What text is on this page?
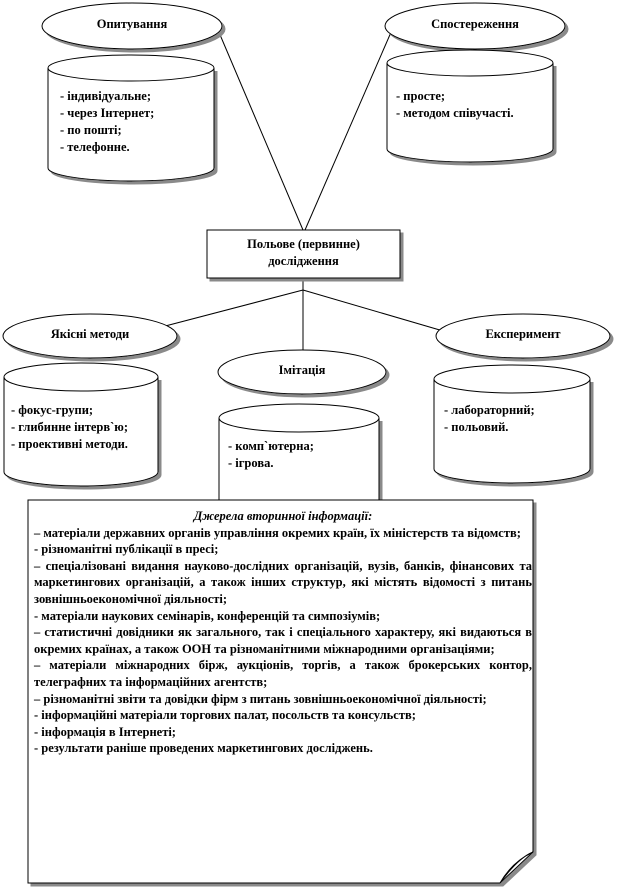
Опитування	Спостереження
- індивідуальне;
- через Інтернет;
- по пошті;
- телефонне.
- просте;
- методом співучасті.
Польове (первинне)
дослідження
Якісні методи	Експеримент
Імітація
- фокус-групи;
- глибинне інтерв`ю;
- проективні методи.
- лабораторний;
- польовий.
- комп`ютерна;
- ігрова.
Джерела вторинної інформації:

– матеріали державних органів управління окремих країн, їх міністерств та відомств;

- різноманітні публікації в пресі;

– спеціалізовані видання науково-дослідних організацій, вузів, банків, фінансових та маркетингових організацій, а також інших структур, які містять відомості з питань зовнішньоекономічної діяльності;

- матеріали наукових семінарів, конференцій та симпозіумів;

– статистичні довідники як загального, так і спеціального характеру, які видаються в окремих країнах, а також ООН та різноманітними міжнародними організаціями;

– матеріали міжнародних бірж, аукціонів, торгів, а також брокерських контор, телеграфних та інформаційних агентств;

– різноманітні звіти та довідки фірм з питань зовнішньоекономічної діяльності;

- інформаційні матеріали торгових палат, посольств та консульств;

- інформація в Інтернеті;

- результати раніше проведених маркетингових досліджень.
